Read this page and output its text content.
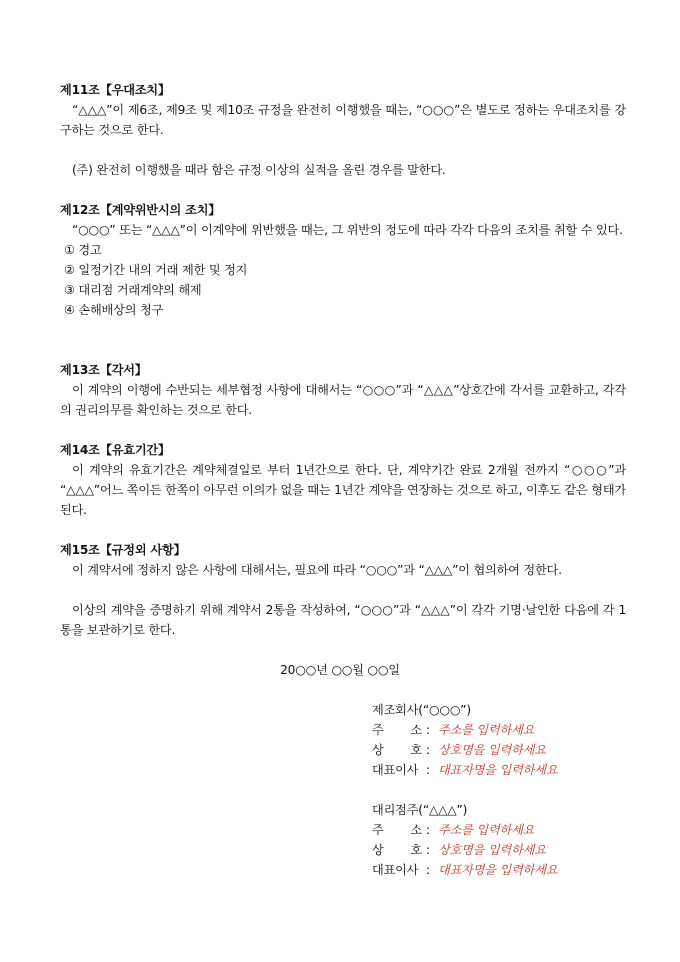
제11조【우대조치】
“△△△”이 제6조, 제9조 및 제10조 규정을 완전히 이행했을 때는, “○○○”은 별도로 정하는 우대조치를 강구하는 것으로 한다.
(주) 완전히 이행했을 때라 함은 규정 이상의 실적을 올린 경우를 말한다.
제12조【계약위반시의 조치】
“○○○” 또는 “△△△”이 이계약에 위반했을 때는, 그 위반의 정도에 따라 각각 다음의 조치를 취할 수 있다.
① 경고
② 일정기간 내의 거래 제한 및 정지
③ 대리점 거래계약의 해제
④ 손해배상의 청구
제13조【각서】
이 계약의 이행에 수반되는 세부협정 사항에 대해서는 “○○○”과 “△△△”상호간에 각서를 교환하고, 각각의 권리의무를 확인하는 것으로 한다.
제14조【유효기간】
이 계약의 유효기간은 계약체결일로 부터 1년간으로 한다. 단, 계약기간 완료 2개월 전까지 “○○○”과 “△△△”어느 쪽이든 한쪽이 아무런 이의가 없을 때는 1년간 계약을 연장하는 것으로 하고, 이후도 같은 형태가 된다.
제15조【규정외 사항】
이 계약서에 정하지 않은 사항에 대해서는, 필요에 따라 “○○○”과 “△△△”이 협의하여 정한다.
이상의 계약을 증명하기 위해 계약서 2통을 작성하여, “○○○”과 “△△△”이 각각 기명·날인한 다음에 각 1통을 보관하기로 한다.
20○○년 ○○월 ○○일
제조회사(“○○○”)
주 소 : 주소를 입력하세요
상 호 : 상호명을 입력하세요
대표이사 : 대표자명을 입력하세요
대리점주(“△△△”)
주 소 : 주소를 입력하세요
상 호 : 상호명을 입력하세요
대표이사 : 대표자명을 입력하세요
